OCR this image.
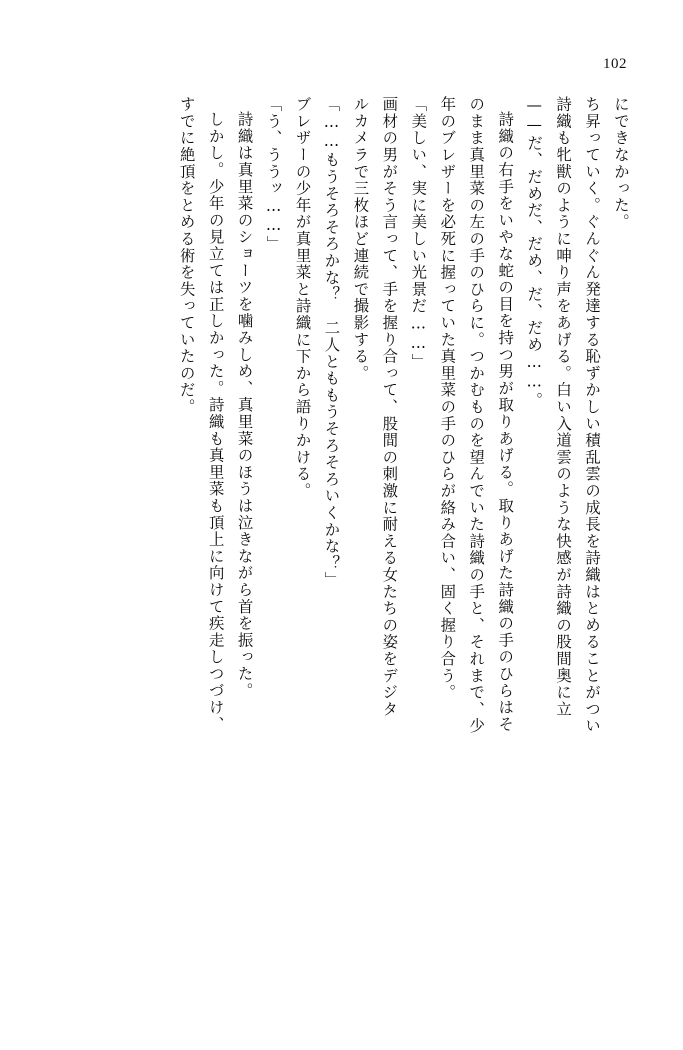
102

にできなかった。

ち昇っていく。ぐんぐん発達する恥ずかしい積乱雲の成長を詩織はとめることがつい

詩織も牝獣のように呻り声をあげる。白い入道雲のような快感が詩織の股間奥に立

——だ、だめだ、だめ、だ、だめ……。

詩織の右手をいやな蛇の目を持つ男が取りあげる。取りあげた詩織の手のひらはそ

のまま真里菜の左の手のひらに。つかむものを望んでいた詩織の手と、それまで、少

年のブレザーを必死に握っていた真里菜の手のひらが絡み合い、固く握り合う。

「美しい、実に美しい光景だ……」

画材の男がそう言って、手を握り合って、股間の刺激に耐える女たちの姿をデジタ

ルカメラで三枚ほど連続で撮影する。

「……もうそろそろかな？　二人とももうそろそろいくかな？」

ブレザーの少年が真里菜と詩織に下から語りかける。

「う、ううッ……」

詩織は真里菜のショーツを噛みしめ、真里菜のほうは泣きながら首を振った。

しかし。少年の見立ては正しかった。詩織も真里菜も頂上に向けて疾走しつづけ、

すでに絶頂をとめる術を失っていたのだ。
